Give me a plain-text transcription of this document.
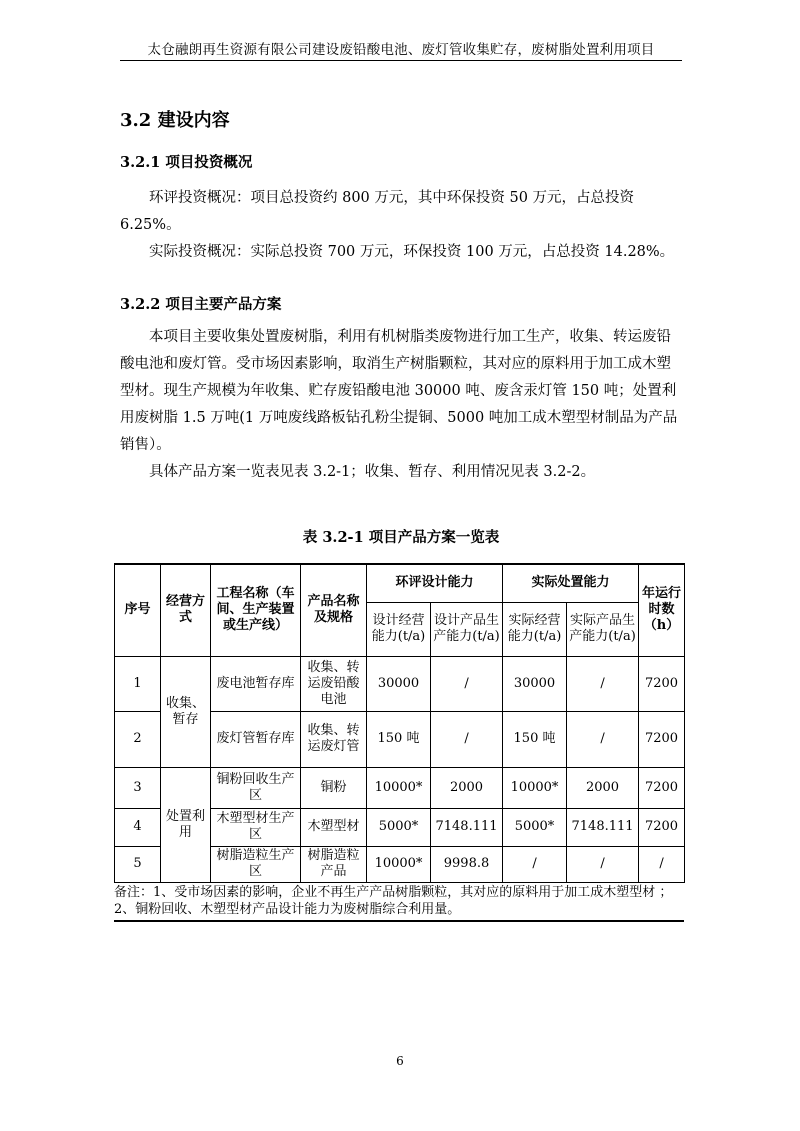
太仓融朗再生资源有限公司建设废铅酸电池、废灯管收集贮存，废树脂处置利用项目
3.2 建设内容
3.2.1 项目投资概况

环评投资概况：项目总投资约 800 万元，其中环保投资 50 万元，占总投资 6.25%。

实际投资概况：实际总投资 700 万元，环保投资 100 万元，占总投资 14.28%。

3.2.2 项目主要产品方案

本项目主要收集处置废树脂，利用有机树脂类废物进行加工生产，收集、转运废铅酸电池和废灯管。受市场因素影响，取消生产树脂颗粒，其对应的原料用于加工成木塑型材。现生产规模为年收集、贮存废铅酸电池 30000 吨、废含汞灯管 150 吨；处置利用废树脂 1.5 万吨(1 万吨废线路板钻孔粉尘提铜、5000 吨加工成木塑型材制品为产品销售）。

具体产品方案一览表见表 3.2-1；收集、暂存、利用情况见表 3.2-2。

表 3.2-1 项目产品方案一览表
序号	经营方式	工程名称（车间、生产装置或生产线）	产品名称及规格	环评设计能力		实际处置能力		年运行时数（h）
				设计经营能力(t/a)	设计产品生产能力(t/a)	实际经营能力(t/a)	实际产品生产能力(t/a)	
1	收集、暂存	废电池暂存库	收集、转运废铅酸电池	30000	/	30000	/	7200
2		废灯管暂存库	收集、转运废灯管	150 吨	/	150 吨	/	7200
3	处置利用	铜粉回收生产区	铜粉	10000*	2000	10000*	2000	7200
4		木塑型材生产区	木塑型材	5000*	7148.111	5000*	7148.111	7200
5		树脂造粒生产区	树脂造粒产品	10000*	9998.8	/	/	/

备注：1、受市场因素的影响，企业不再生产产品树脂颗粒，其对应的原料用于加工成木塑型材 ；

2、铜粉回收、木塑型材产品设计能力为废树脂综合利用量。

6
